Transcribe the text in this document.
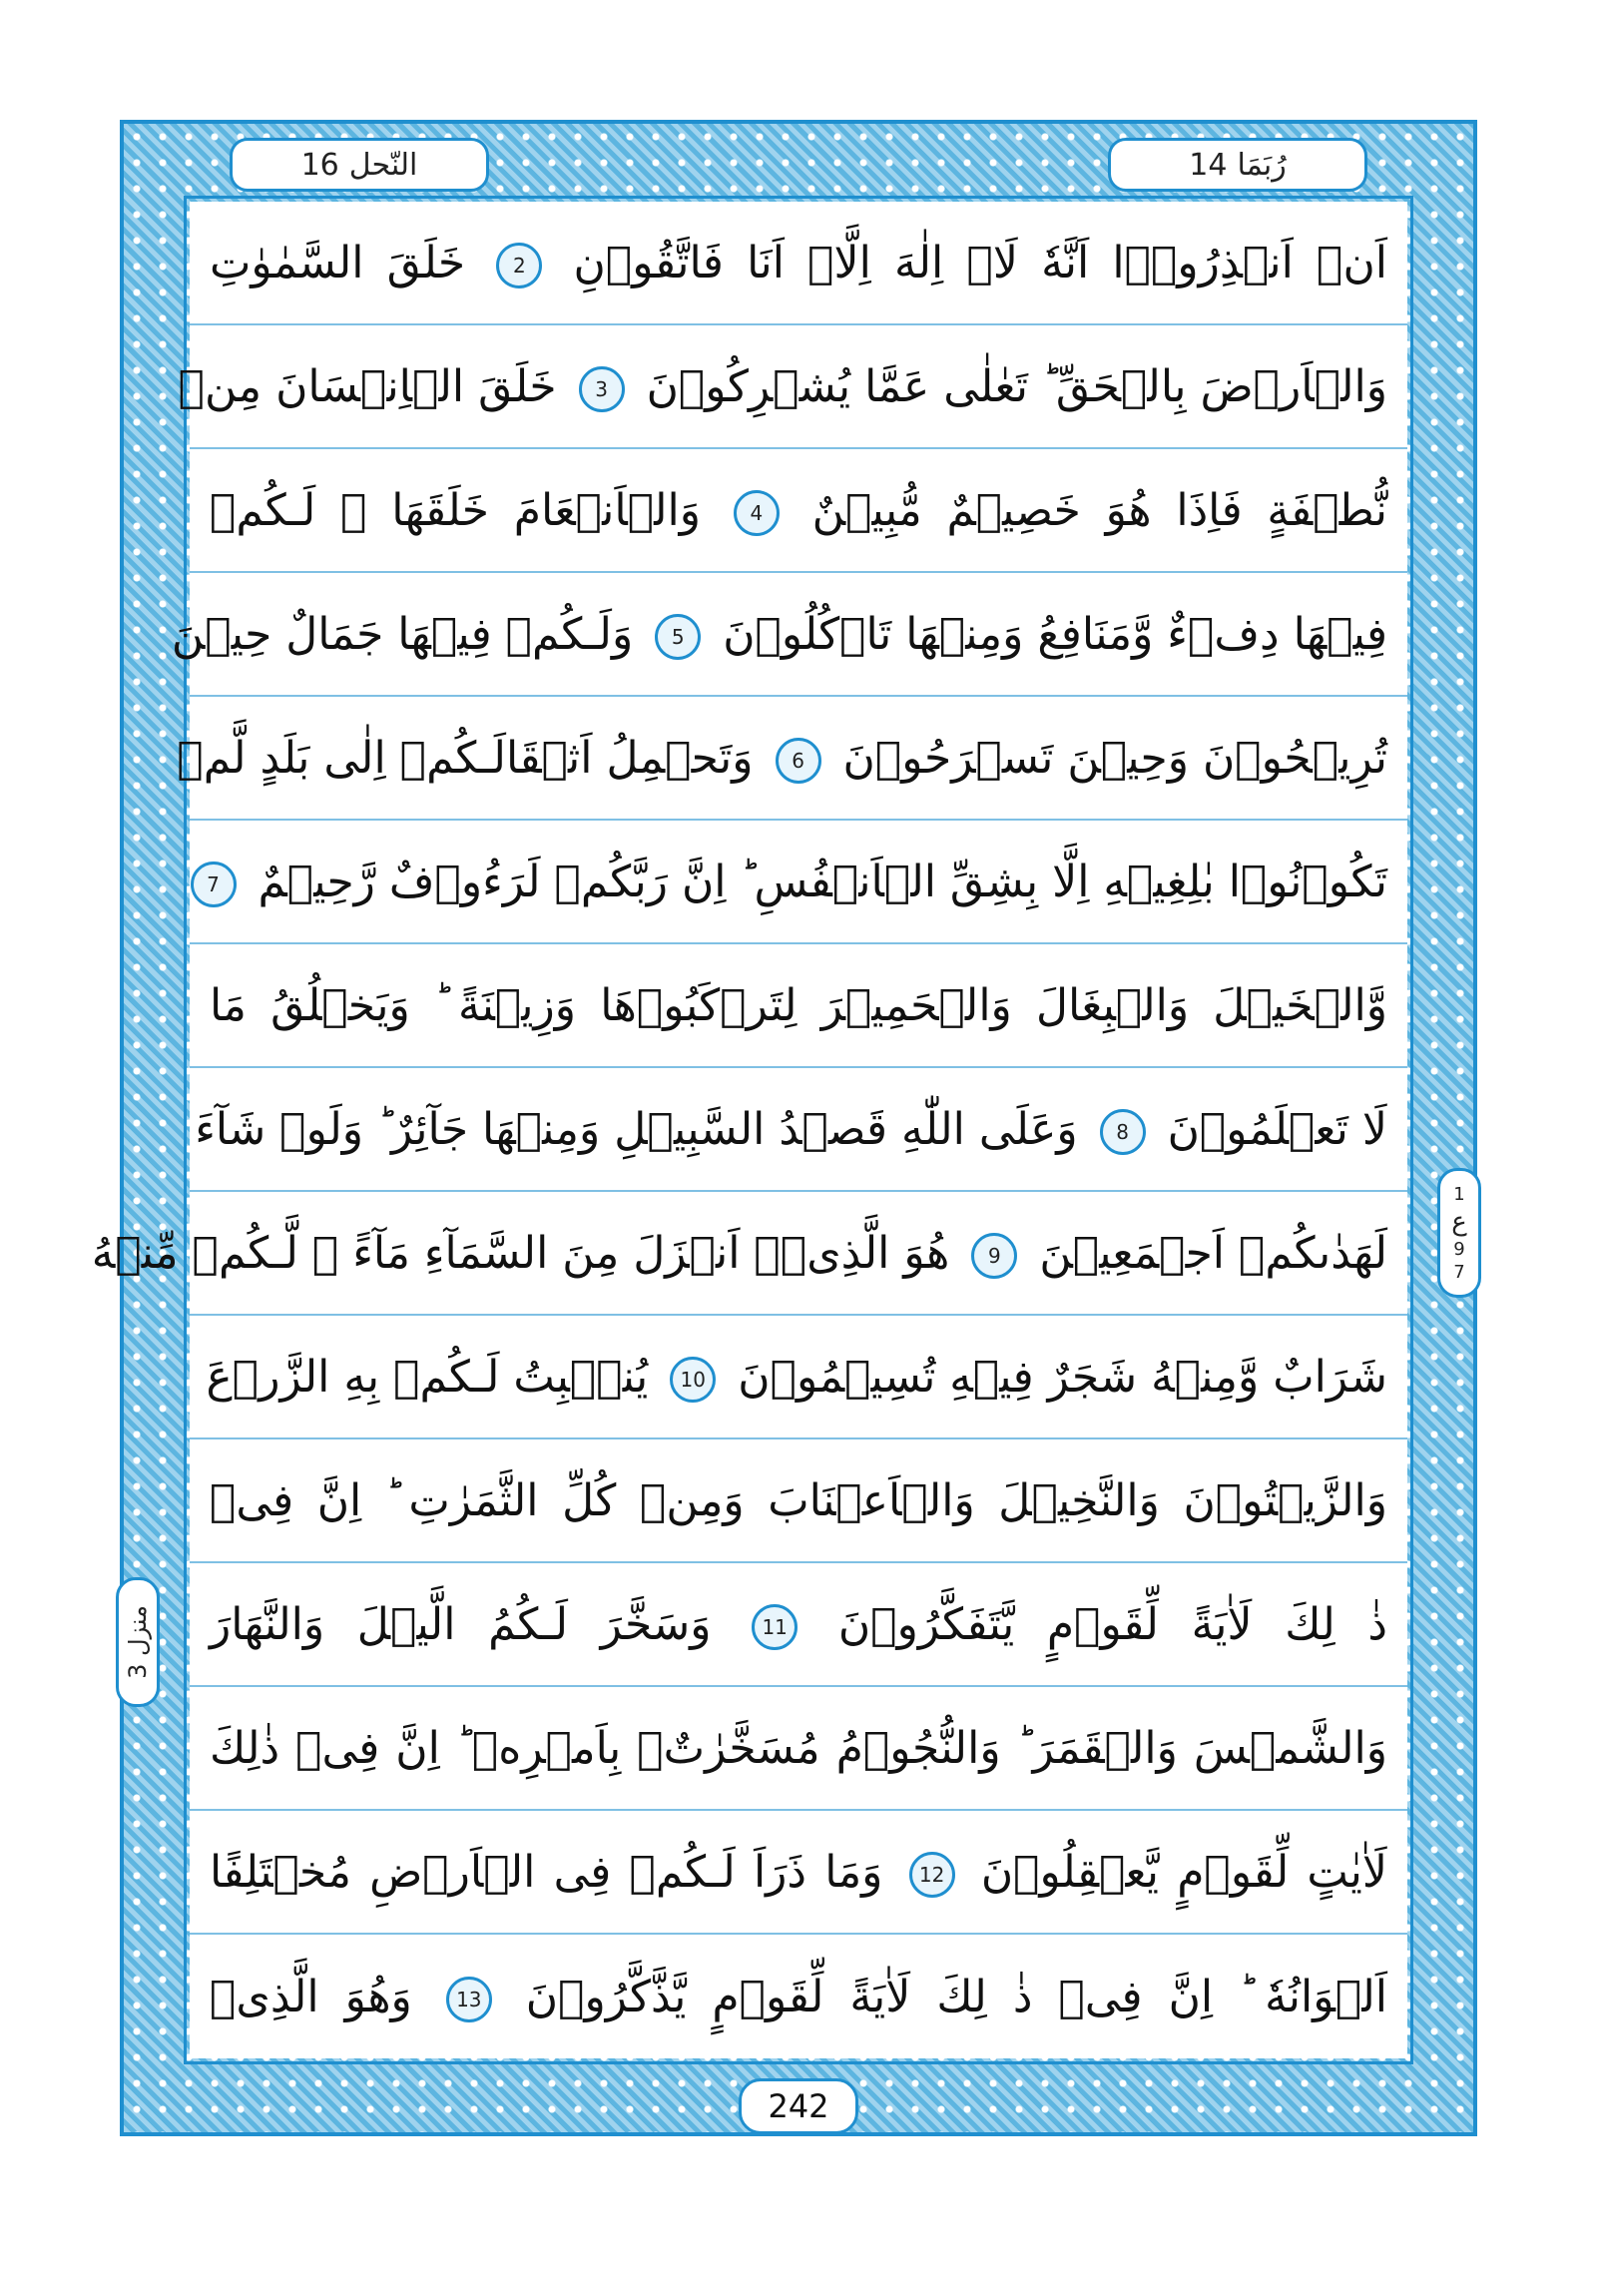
النّحل
16	رُبَمَا
14
اَنۡ اَنۡذِرُوۡۤا اَنَّهٗ لَاۤ اِلٰهَ اِلَّاۤ اَنَا فَاتَّقُوۡنِ 2 خَلَقَ السَّمٰوٰتِ
وَالۡاَرۡضَ بِالۡحَقِّ ؕ تَعٰلٰى عَمَّا يُشۡرِكُوۡنَ 3 خَلَقَ الۡاِنۡسَانَ مِنۡ
نُّطۡفَةٍ فَاِذَا هُوَ خَصِيۡمٌ مُّبِيۡنٌ 4 وَالۡاَنۡعَامَ خَلَقَهَا ۚ لَـكُمۡ
فِيۡهَا دِفۡءٌ وَّمَنَافِعُ وَمِنۡهَا تَاۡكُلُوۡنَ 5 وَلَـكُمۡ فِيۡهَا جَمَالٌ حِيۡنَ
تُرِيۡحُوۡنَ وَحِيۡنَ تَسۡرَحُوۡنَ 6 وَتَحۡمِلُ اَثۡقَالَـكُمۡ اِلٰى بَلَدٍ لَّمۡ
تَكُوۡنُوۡا بٰلِغِيۡهِ اِلَّا بِشِقِّ الۡاَنۡفُسِ ؕ اِنَّ رَبَّكُمۡ لَرَءُوۡفٌ رَّحِيۡمٌ 7
وَّالۡخَيۡلَ وَالۡبِغَالَ وَالۡحَمِيۡرَ لِتَرۡكَبُوۡهَا وَزِيۡنَةً ؕ وَيَخۡلُقُ مَا
لَا تَعۡلَمُوۡنَ 8 وَعَلَى اللّٰهِ قَصۡدُ السَّبِيۡلِ وَمِنۡهَا جَآئِرٌ ؕ وَلَوۡ شَآءَ
لَهَدٰٮكُمۡ اَجۡمَعِيۡنَ 9 هُوَ الَّذِىۡۤ اَنۡزَلَ مِنَ السَّمَآءِ مَآءً ۚ لَّـكُمۡ مِّنۡهُ
شَرَابٌ وَّمِنۡهُ شَجَرٌ فِيۡهِ تُسِيۡمُوۡنَ 10 يُنۡۢبِتُ لَـكُمۡ بِهِ الزَّرۡعَ
وَالزَّيۡتُوۡنَ وَالنَّخِيۡلَ وَالۡاَعۡنَابَ وَمِنۡ كُلِّ الثَّمَرٰتِ ؕ اِنَّ فِىۡ
ذٰ لِكَ لَاٰيَةً لِّقَوۡمٍ يَّتَفَكَّرُوۡنَ 11 وَسَخَّرَ لَـكُمُ الَّيۡلَ وَالنَّهَارَ
وَالشَّمۡسَ وَالۡقَمَرَ ؕ وَالنُّجُوۡمُ مُسَخَّرٰتٌۢ بِاَمۡرِهٖ ؕ اِنَّ فِىۡ ذٰلِكَ
لَاٰيٰتٍ لِّقَوۡمٍ يَّعۡقِلُوۡنَ 12 وَمَا ذَرَاَ لَـكُمۡ فِى الۡاَرۡضِ مُخۡتَلِفًا
اَلۡوَانُهٗ ؕ اِنَّ فِىۡ ذٰ لِكَ لَاٰيَةً لِّقَوۡمٍ يَّذَّكَّرُوۡنَ 13 وَهُوَ الَّذِىۡ
1
ع
9
7
منزل 3
242
